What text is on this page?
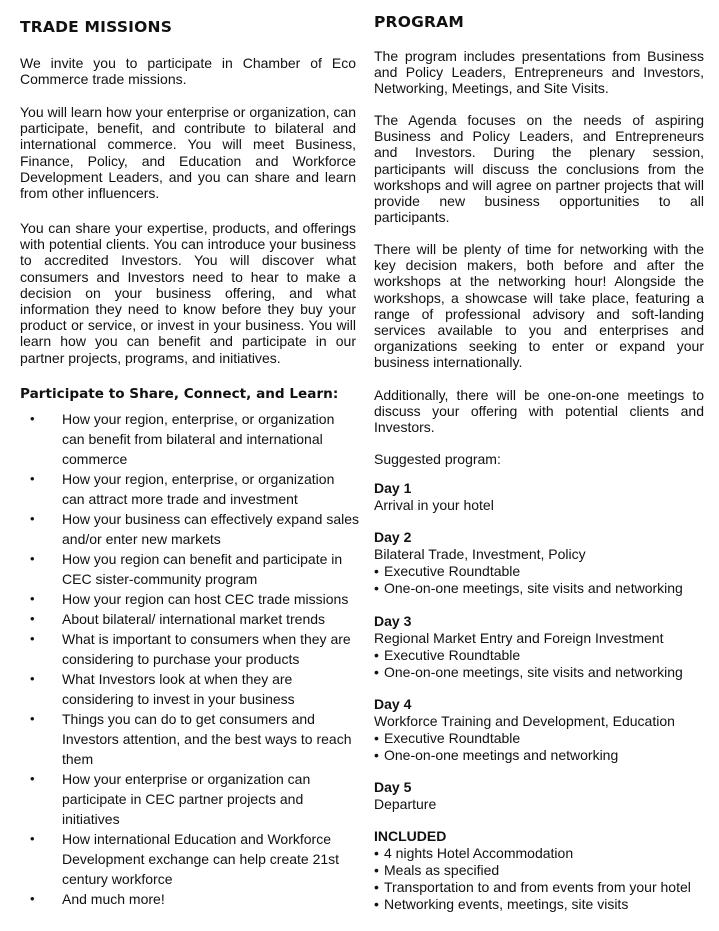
TRADE MISSIONS

We invite you to participate in Chamber of Eco Commerce trade missions.

You will learn how your enterprise or organization, can participate, benefit, and contribute to bilateral and international commerce. You will meet Business, Finance, Policy, and Education and Workforce Development Leaders, and you can share and learn from other influencers.

You can share your expertise, products, and offerings with potential clients. You can introduce your business to accredited Investors. You will discover what consumers and Investors need to hear to make a decision on your business offering, and what information they need to know before they buy your product or service, or invest in your business. You will learn how you can benefit and participate in our partner projects, programs, and initiatives.

Participate to Share, Connect, and Learn:
• How your region, enterprise, or organization can benefit from bilateral and international commerce
• How your region, enterprise, or organization can attract more trade and investment
• How your business can effectively expand sales and/or enter new markets
• How you region can benefit and participate in CEC sister-community program
• How your region can host CEC trade missions
• About bilateral/ international market trends
• What is important to consumers when they are considering to purchase your products
• What Investors look at when they are considering to invest in your business
• Things you can do to get consumers and Investors attention, and the best ways to reach them
• How your enterprise or organization can participate in CEC partner projects and initiatives
• How international Education and Workforce Development exchange can help create 21st century workforce
• And much more!
PROGRAM

The program includes presentations from Business and Policy Leaders, Entrepreneurs and Investors, Networking, Meetings, and Site Visits.

The Agenda focuses on the needs of aspiring Business and Policy Leaders, and Entrepreneurs and Investors. During the plenary session, participants will discuss the conclusions from the workshops and will agree on partner projects that will provide new business opportunities to all participants.

There will be plenty of time for networking with the key decision makers, both before and after the workshops at the networking hour! Alongside the workshops, a showcase will take place, featuring a range of professional advisory and soft-landing services available to you and enterprises and organizations seeking to enter or expand your business internationally.

Additionally, there will be one-on-one meetings to discuss your offering with potential clients and Investors.

Suggested program:

Day 1

Arrival in your hotel

Day 2

Bilateral Trade, Investment, Policy

• Executive Roundtable
• One-on-one meetings, site visits and networking

Day 3

Regional Market Entry and Foreign Investment

• Executive Roundtable
• One-on-one meetings, site visits and networking

Day 4

Workforce Training and Development, Education

• Executive Roundtable
• One-on-one meetings and networking

Day 5

Departure

INCLUDED

• 4 nights Hotel Accommodation
• Meals as specified
• Transportation to and from events from your hotel
• Networking events, meetings, site visits
